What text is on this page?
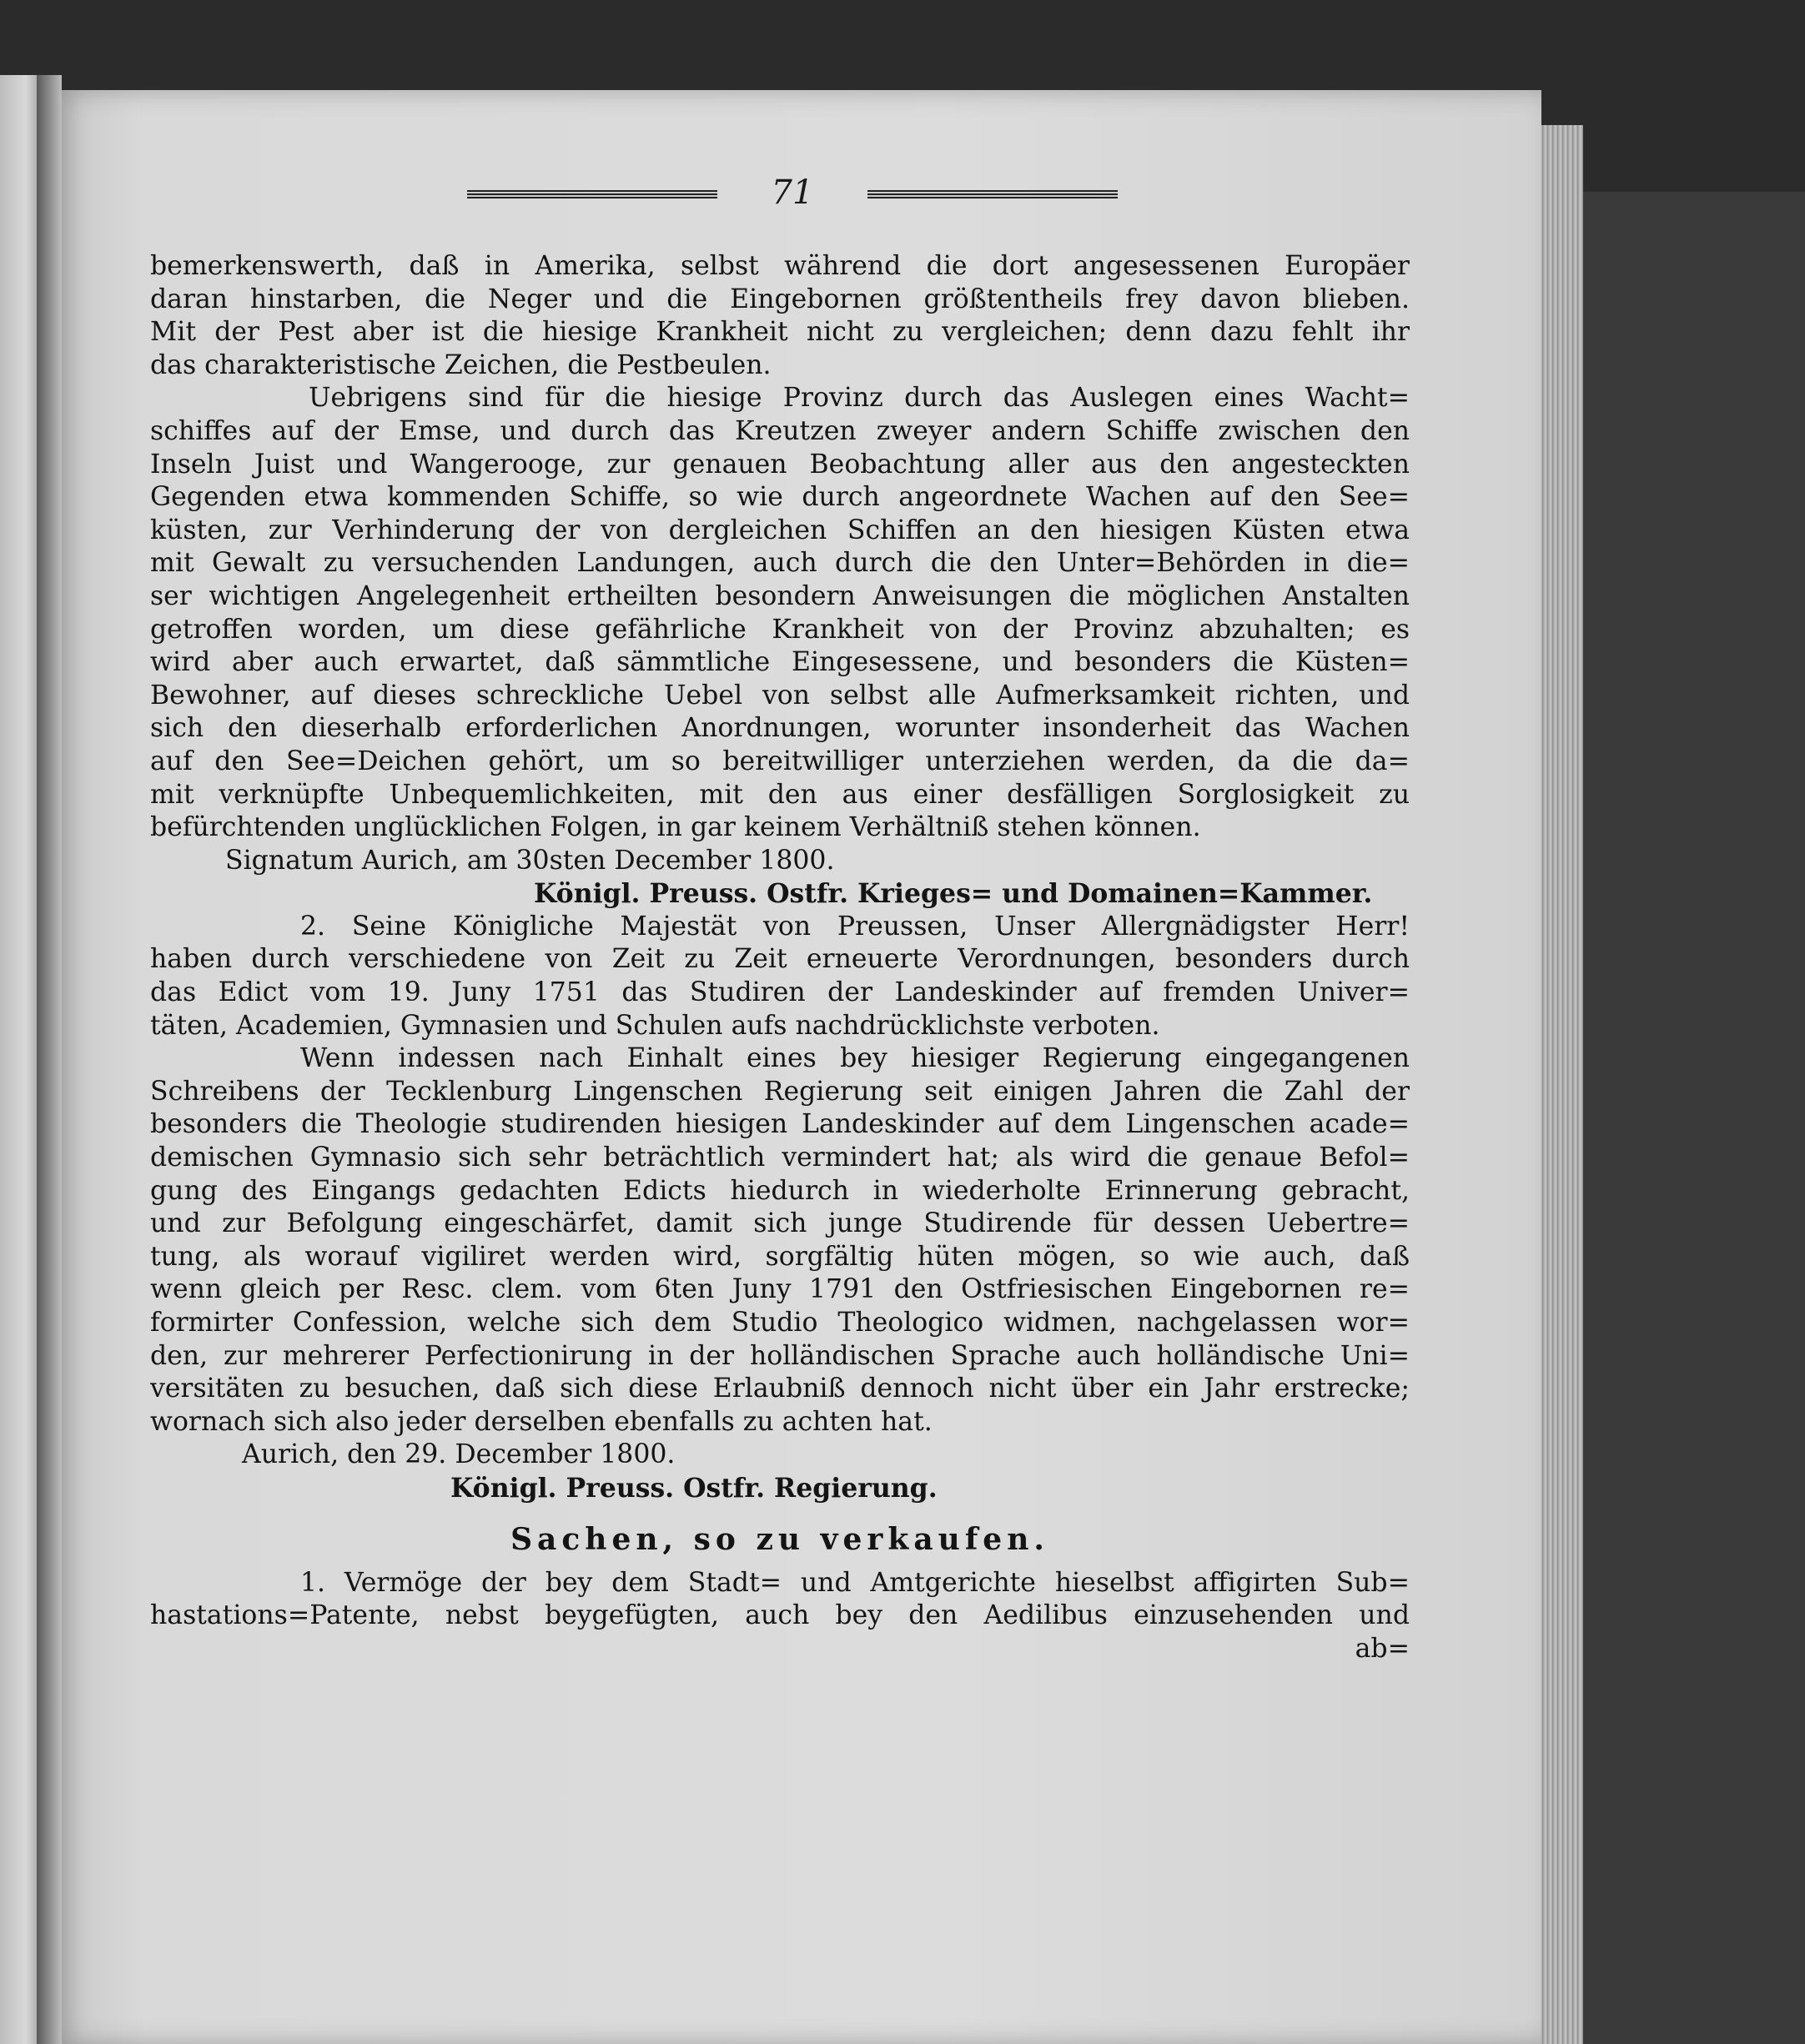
71
bemerkenswerth, daß in Amerika, selbst während die dort angesessenen Europäer
daran hinstarben, die Neger und die Eingebornen größtentheils frey davon blieben.
Mit der Pest aber ist die hiesige Krankheit nicht zu vergleichen; denn dazu fehlt ihr
das charakteristische Zeichen, die Pestbeulen.
Uebrigens sind für die hiesige Provinz durch das Auslegen eines Wacht=
schiffes auf der Emse, und durch das Kreutzen zweyer andern Schiffe zwischen den
Inseln Juist und Wangerooge, zur genauen Beobachtung aller aus den angesteckten
Gegenden etwa kommenden Schiffe, so wie durch angeordnete Wachen auf den See=
küsten, zur Verhinderung der von dergleichen Schiffen an den hiesigen Küsten etwa
mit Gewalt zu versuchenden Landungen, auch durch die den Unter=Behörden in die=
ser wichtigen Angelegenheit ertheilten besondern Anweisungen die möglichen Anstalten
getroffen worden, um diese gefährliche Krankheit von der Provinz abzuhalten; es
wird aber auch erwartet, daß sämmtliche Eingesessene, und besonders die Küsten=
Bewohner, auf dieses schreckliche Uebel von selbst alle Aufmerksamkeit richten, und
sich den dieserhalb erforderlichen Anordnungen, worunter insonderheit das Wachen
auf den See=Deichen gehört, um so bereitwilliger unterziehen werden, da die da=
mit verknüpfte Unbequemlichkeiten, mit den aus einer desfälligen Sorglosigkeit zu
befürchtenden unglücklichen Folgen, in gar keinem Verhältniß stehen können.
Signatum Aurich, am 30sten December 1800.
Königl. Preuss. Ostfr. Krieges= und Domainen=Kammer.
2. Seine Königliche Majestät von Preussen, Unser Allergnädigster Herr!
haben durch verschiedene von Zeit zu Zeit erneuerte Verordnungen, besonders durch
das Edict vom 19. Juny 1751 das Studiren der Landeskinder auf fremden Univer=
täten, Academien, Gymnasien und Schulen aufs nachdrücklichste verboten.
Wenn indessen nach Einhalt eines bey hiesiger Regierung eingegangenen
Schreibens der Tecklenburg Lingenschen Regierung seit einigen Jahren die Zahl der
besonders die Theologie studirenden hiesigen Landeskinder auf dem Lingenschen acade=
demischen Gymnasio sich sehr beträchtlich vermindert hat; als wird die genaue Befol=
gung des Eingangs gedachten Edicts hiedurch in wiederholte Erinnerung gebracht,
und zur Befolgung eingeschärfet, damit sich junge Studirende für dessen Uebertre=
tung, als worauf vigiliret werden wird, sorgfältig hüten mögen, so wie auch, daß
wenn gleich per Resc. clem. vom 6ten Juny 1791 den Ostfriesischen Eingebornen re=
formirter Confession, welche sich dem Studio Theologico widmen, nachgelassen wor=
den, zur mehrerer Perfectionirung in der holländischen Sprache auch holländische Uni=
versitäten zu besuchen, daß sich diese Erlaubniß dennoch nicht über ein Jahr erstrecke;
wornach sich also jeder derselben ebenfalls zu achten hat.
Aurich, den 29. December 1800.
Königl. Preuss. Ostfr. Regierung.
Sachen, so zu verkaufen.
1. Vermöge der bey dem Stadt= und Amtgerichte hieselbst affigirten Sub=
hastations=Patente, nebst beygefügten, auch bey den Aedilibus einzusehenden und
ab=
